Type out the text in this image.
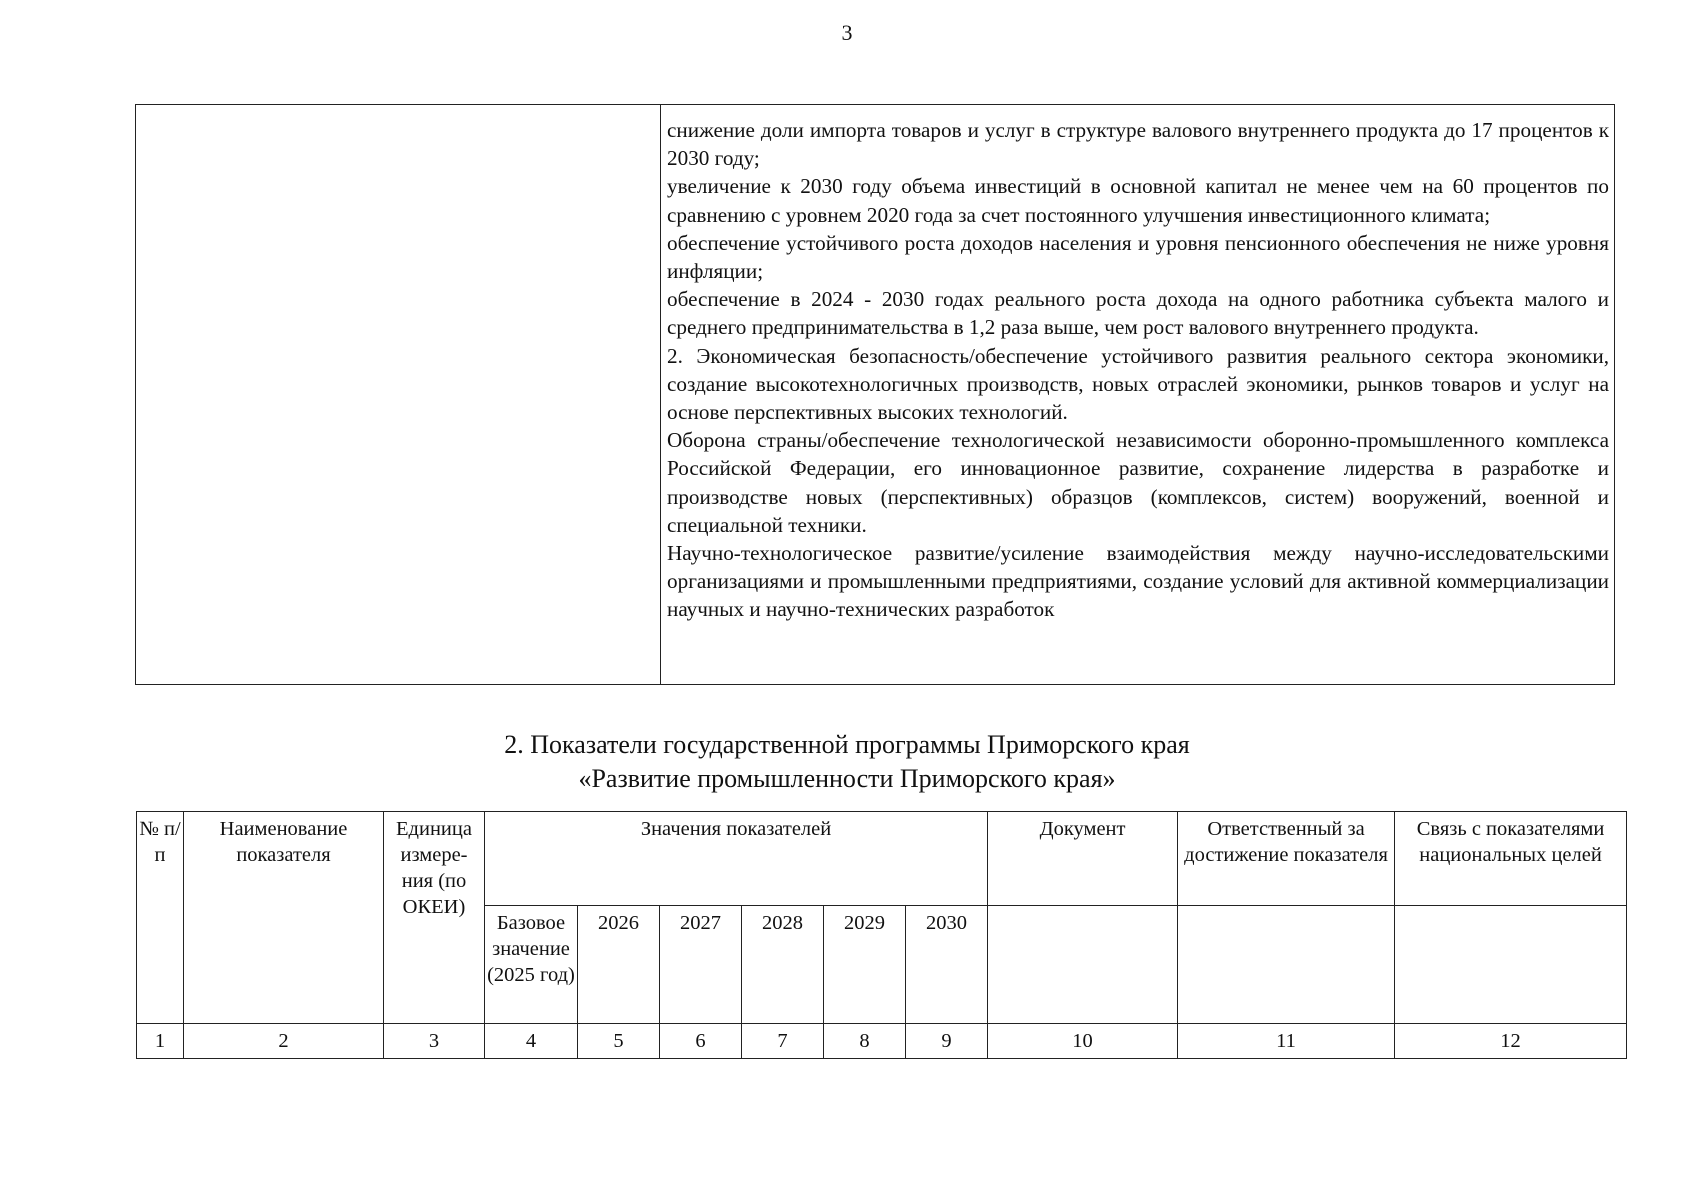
3

снижение доли импорта товаров и услуг в структуре валового внутреннего продукта до 17 процентов к 2030 году;

увеличение к 2030 году объема инвестиций в основной капитал не менее чем на 60 процентов по сравнению с уровнем 2020 года за счет постоянного улучшения инвестиционного климата;

обеспечение устойчивого роста доходов населения и уровня пенсионного обеспечения не ниже уровня инфляции;

обеспечение в 2024 - 2030 годах реального роста дохода на одного работника субъекта малого и среднего предпринимательства в 1,2 раза выше, чем рост валового внутреннего продукта.

2. Экономическая безопасность/обеспечение устойчивого развития реального сектора экономики, создание высокотехнологичных производств, новых отраслей экономики, рынков товаров и услуг на основе перспективных высоких технологий.

Оборона страны/обеспечение технологической независимости оборонно-промышленного комплекса Российской Федерации, его инновационное развитие, сохранение лидерства в разработке и производстве новых (перспективных) образцов (комплексов, систем) вооружений, военной и специальной техники.

Научно-технологическое развитие/усиление взаимодействия между научно-исследовательскими организациями и промышленными предприятиями, создание условий для активной коммерциализации научных и научно-технических разработок

2. Показатели государственной программы Приморского края
«Развитие промышленности Приморского края»
№ п/п	Наименование показателя	Единица измере-ния (по ОКЕИ)	Значения показателей						Документ	Ответственный за достижение показателя	Связь с показателями национальных целей
			Базовое значение (2025 год)	2026	2027	2028	2029	2030			
1	2	3	4	5	6	7	8	9	10	11	12
